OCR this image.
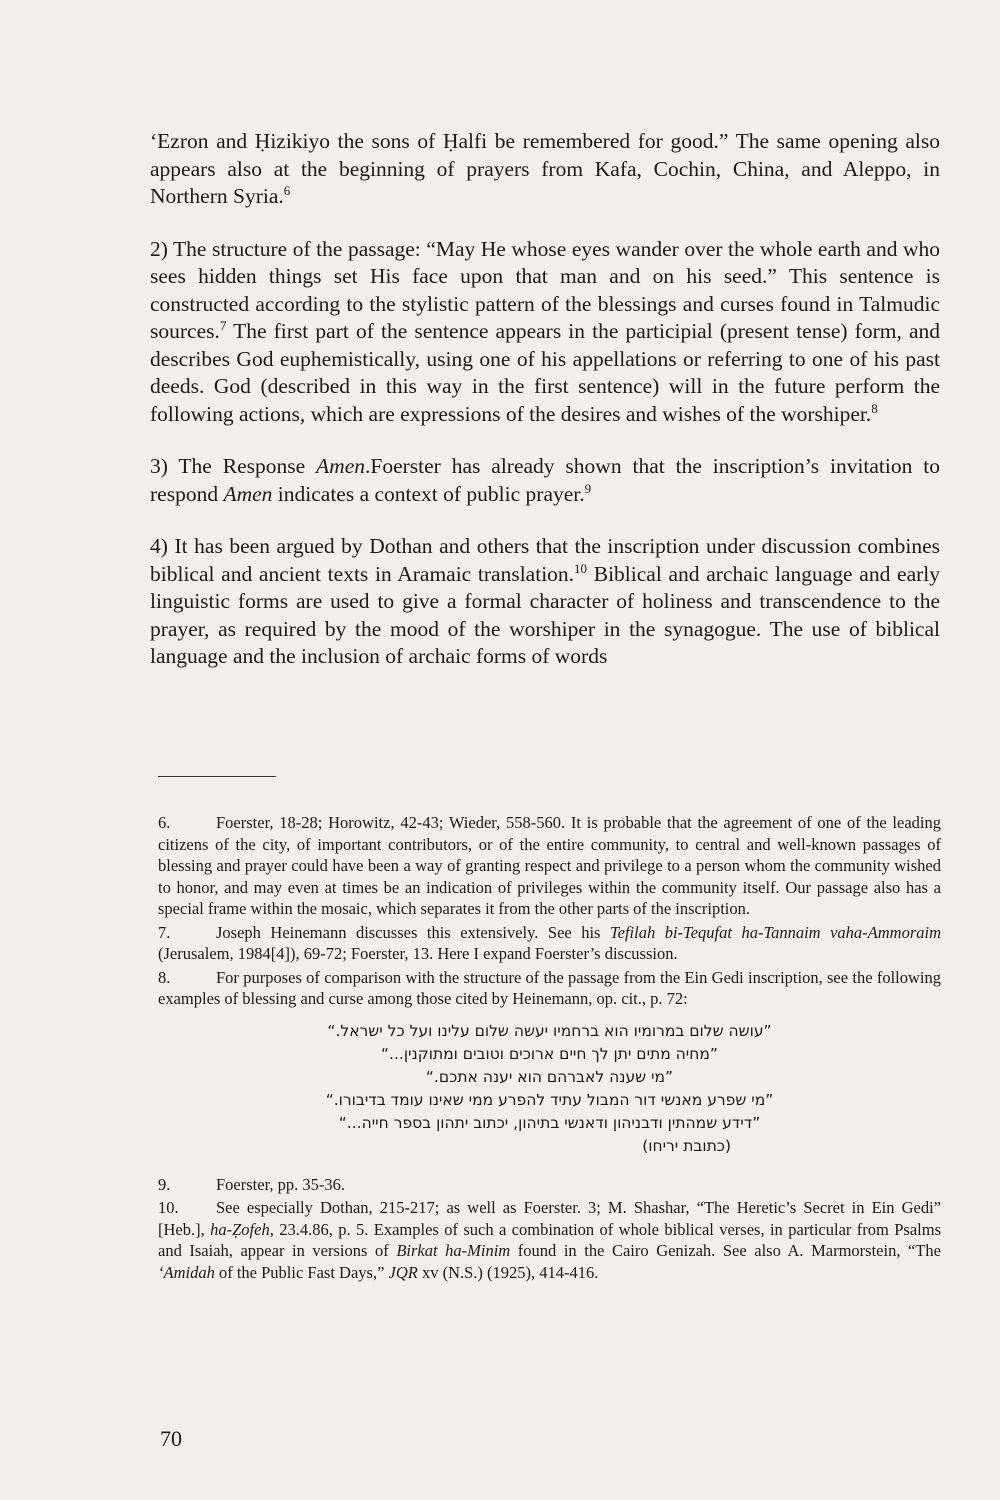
‘Ezron and Ḥizikiyo the sons of Ḥalfi be remembered for good.” The same opening also appears also at the beginning of prayers from Kafa, Cochin, China, and Aleppo, in Northern Syria.$^6$

2) The structure of the passage: “May He whose eyes wander over the whole earth and who sees hidden things set His face upon that man and on his seed.” This sentence is constructed according to the stylistic pattern of the blessings and curses found in Talmudic sources.$^7$ The first part of the sentence appears in the participial (present tense) form, and describes God euphemistically, using one of his appellations or referring to one of his past deeds. God (described in this way in the first sentence) will in the future perform the following actions, which are expressions of the desires and wishes of the worshiper.$^8$

3) The Response Amen.Foerster has already shown that the inscription’s invitation to respond Amen indicates a context of public prayer.$^9$

4) It has been argued by Dothan and others that the inscription under discussion combines biblical and ancient texts in Aramaic translation.$^{10}$ Biblical and archaic language and early linguistic forms are used to give a formal character of holiness and transcendence to the prayer, as required by the mood of the worshiper in the synagogue. The use of biblical language and the inclusion of archaic forms of words

6.	Foerster, 18-28; Horowitz, 42-43; Wieder, 558-560. It is probable that the agreement of one of the leading citizens of the city, of important contributors, or of the entire community, to central and well-known passages of blessing and prayer could have been a way of granting respect and privilege to a person whom the community wished to honor, and may even at times be an indication of privileges within the community itself. Our passage also has a special frame within the mosaic, which separates it from the other parts of the inscription.
7.	Joseph Heinemann discusses this extensively. See his Tefilah bi-Tequfat ha-Tannaim vaha-Ammoraim (Jerusalem, 1984[4]), 69-72; Foerster, 13. Here I expand Foerster’s discussion.
8.	For purposes of comparison with the structure of the passage from the Ein Gedi inscription, see the following examples of blessing and curse among those cited by Heinemann, op. cit., p. 72:
”עושה שלום במרומיו הוא ברחמיו יעשה שלום עלינו ועל כל ישראל.“
”מחיה מתים יתן לך חיים ארוכים וטובים ומתוקנין...“
”מי שענה לאברהם הוא יענה אתכם.“
”מי שפרע מאנשי דור המבול עתיד להפרע ממי שאינו עומד בדיבורו.“
”דידע שמהתין ודבניהון ודאנשי בתיהון, יכתוב יתהון בספר חייה...“
(כתובת יריחו)
9.	Foerster, pp. 35-36.
10. See especially Dothan, 215-217; as well as Foerster. 3; M. Shashar, “The Heretic’s Secret in Ein Gedi” [Heb.], ha-Ẓofeh, 23.4.86, p. 5. Examples of such a combination of whole biblical verses, in particular from Psalms and Isaiah, appear in versions of Birkat ha-Minim found in the Cairo Genizah. See also A. Marmorstein, “The ‘Amidah of the Public Fast Days,” JQR xv (N.S.) (1925), 414-416.
70
